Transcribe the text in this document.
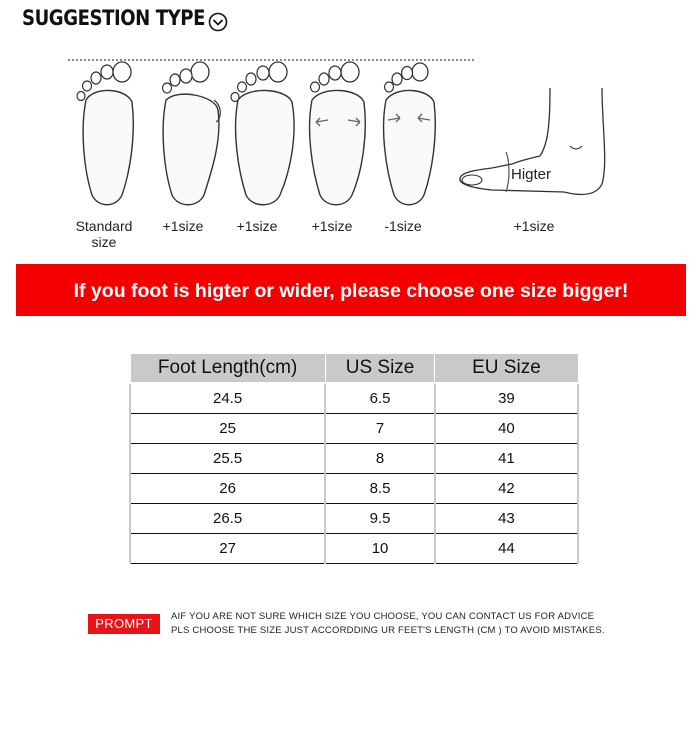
SUGGESTION TYPE
Higter
Standard
size
+1size	+1size	+1size	-1size	+1size
If you foot is higter or wider, please choose one size bigger!
Foot Length(cm)	US Size	EU Size
24.5	6.5	39
25	7	40
25.5	8	41
26	8.5	42
26.5	9.5	43
27	10	44
PROMPT	AIF YOU ARE NOT SURE WHICH SIZE YOU CHOOSE, YOU CAN CONTACT US FOR ADVICE
PLS CHOOSE THE SIZE JUST ACCORDDING UR FEET'S LENGTH (CM ) TO AVOID MISTAKES.
